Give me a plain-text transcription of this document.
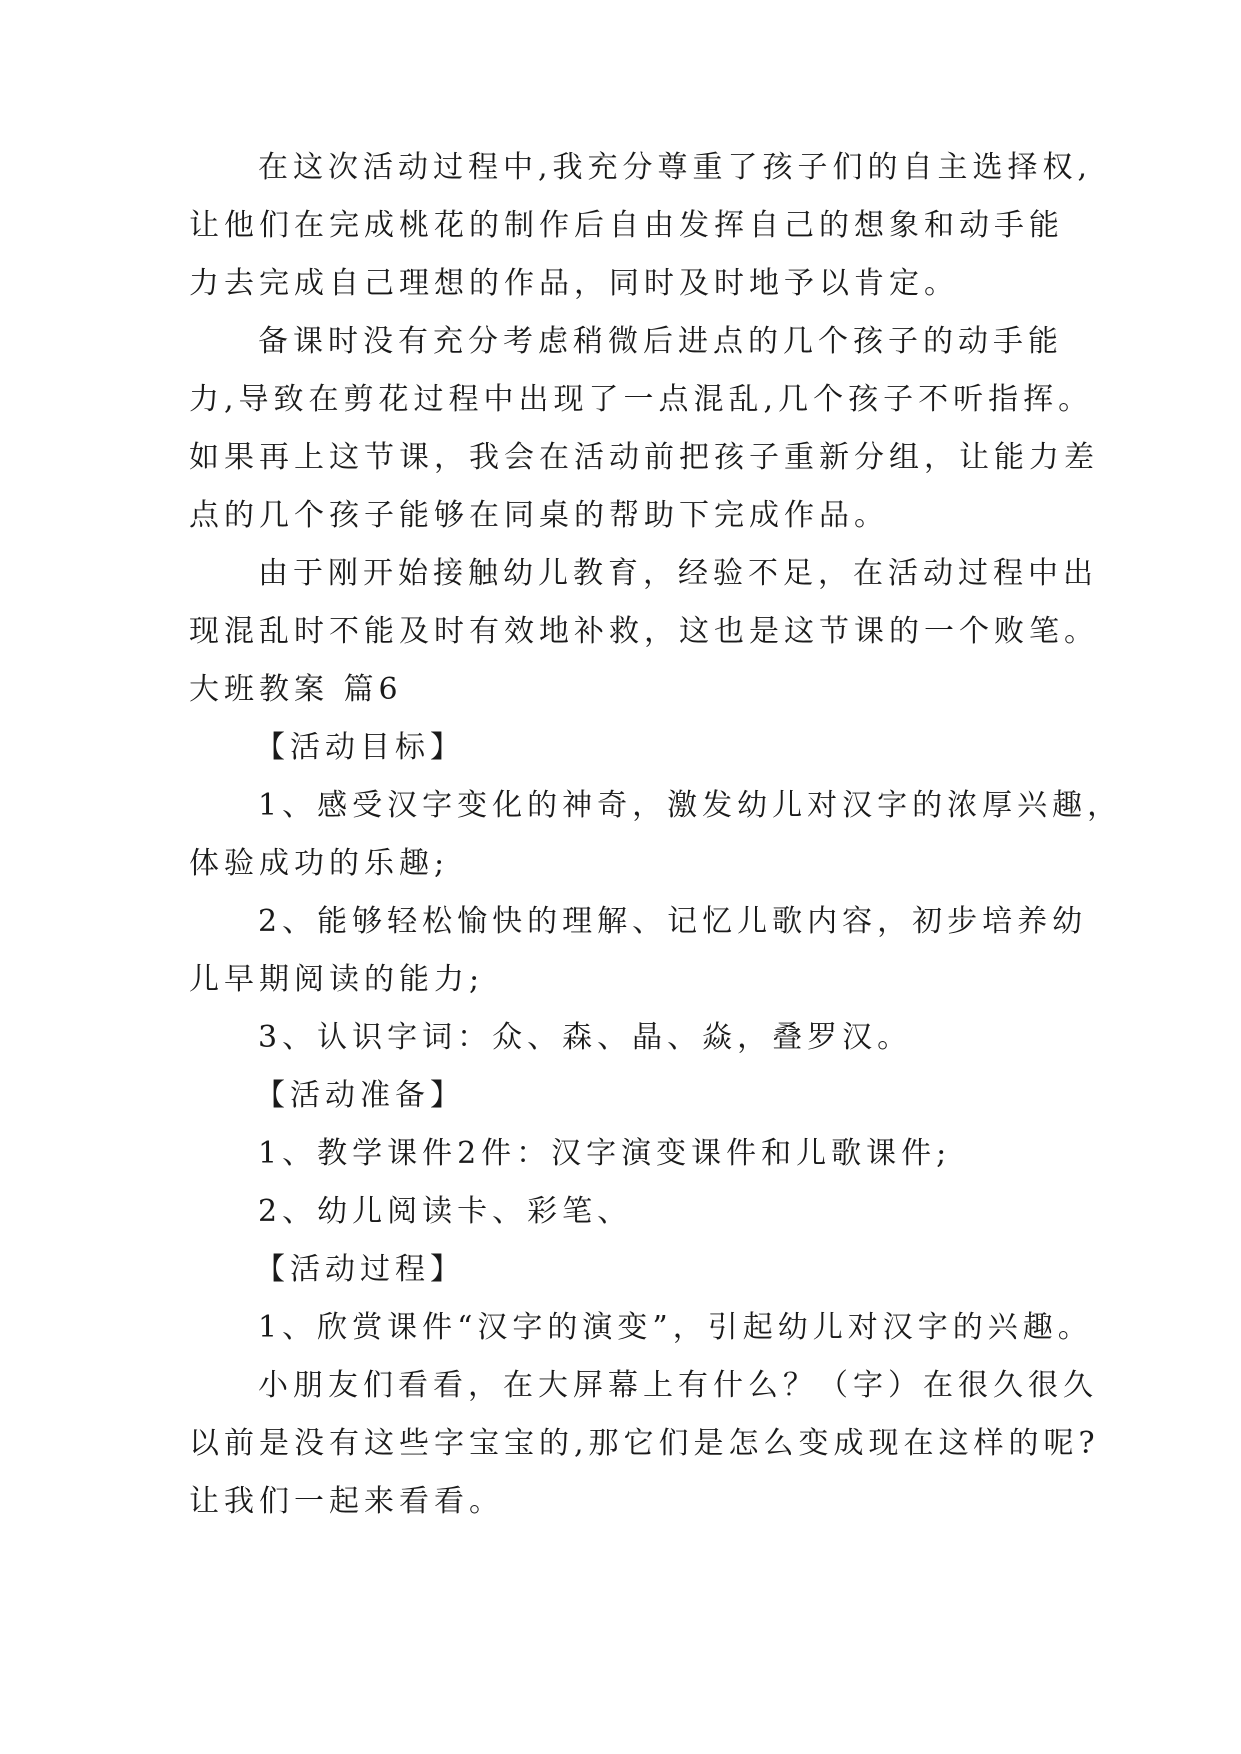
在这次活动过程中,我充分尊重了孩子们的自主选择权,
让他们在完成桃花的制作后自由发挥自己的想象和动手能
力去完成自己理想的作品，同时及时地予以肯定。
备课时没有充分考虑稍微后进点的几个孩子的动手能
力,导致在剪花过程中出现了一点混乱,几个孩子不听指挥。
如果再上这节课，我会在活动前把孩子重新分组，让能力差
点的几个孩子能够在同桌的帮助下完成作品。
由于刚开始接触幼儿教育，经验不足，在活动过程中出
现混乱时不能及时有效地补救，这也是这节课的一个败笔。
大班教案 篇6
【活动目标】
1、感受汉字变化的神奇，激发幼儿对汉字的浓厚兴趣，
体验成功的乐趣;
2、能够轻松愉快的理解、记忆儿歌内容，初步培养幼
儿早期阅读的能力;
3、认识字词：众、森、晶、焱，叠罗汉。
【活动准备】
1、教学课件2件：汉字演变课件和儿歌课件;
2、幼儿阅读卡、彩笔、
【活动过程】
1、欣赏课件“汉字的演变”，引起幼儿对汉字的兴趣。
小朋友们看看，在大屏幕上有什么？（字）在很久很久
以前是没有这些字宝宝的,那它们是怎么变成现在这样的呢?
让我们一起来看看。
